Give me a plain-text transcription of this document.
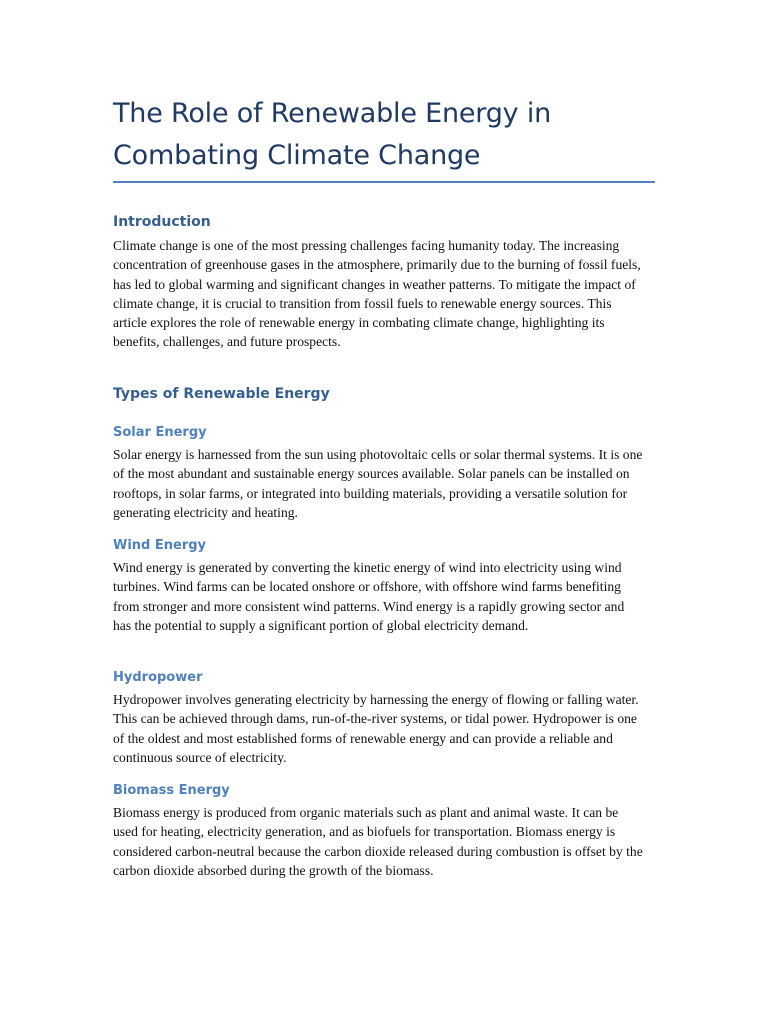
The Role of Renewable Energy in Combating Climate Change
Introduction

Climate change is one of the most pressing challenges facing humanity today. The increasing concentration of greenhouse gases in the atmosphere, primarily due to the burning of fossil fuels, has led to global warming and significant changes in weather patterns. To mitigate the impact of climate change, it is crucial to transition from fossil fuels to renewable energy sources. This article explores the role of renewable energy in combating climate change, highlighting its benefits, challenges, and future prospects.

Types of Renewable Energy
Solar Energy

Solar energy is harnessed from the sun using photovoltaic cells or solar thermal systems. It is one of the most abundant and sustainable energy sources available. Solar panels can be installed on rooftops, in solar farms, or integrated into building materials, providing a versatile solution for generating electricity and heating.

Wind Energy

Wind energy is generated by converting the kinetic energy of wind into electricity using wind turbines. Wind farms can be located onshore or offshore, with offshore wind farms benefiting from stronger and more consistent wind patterns. Wind energy is a rapidly growing sector and has the potential to supply a significant portion of global electricity demand.

Hydropower

Hydropower involves generating electricity by harnessing the energy of flowing or falling water. This can be achieved through dams, run-of-the-river systems, or tidal power. Hydropower is one of the oldest and most established forms of renewable energy and can provide a reliable and continuous source of electricity.

Biomass Energy

Biomass energy is produced from organic materials such as plant and animal waste. It can be used for heating, electricity generation, and as biofuels for transportation. Biomass energy is considered carbon-neutral because the carbon dioxide released during combustion is offset by the carbon dioxide absorbed during the growth of the biomass.
